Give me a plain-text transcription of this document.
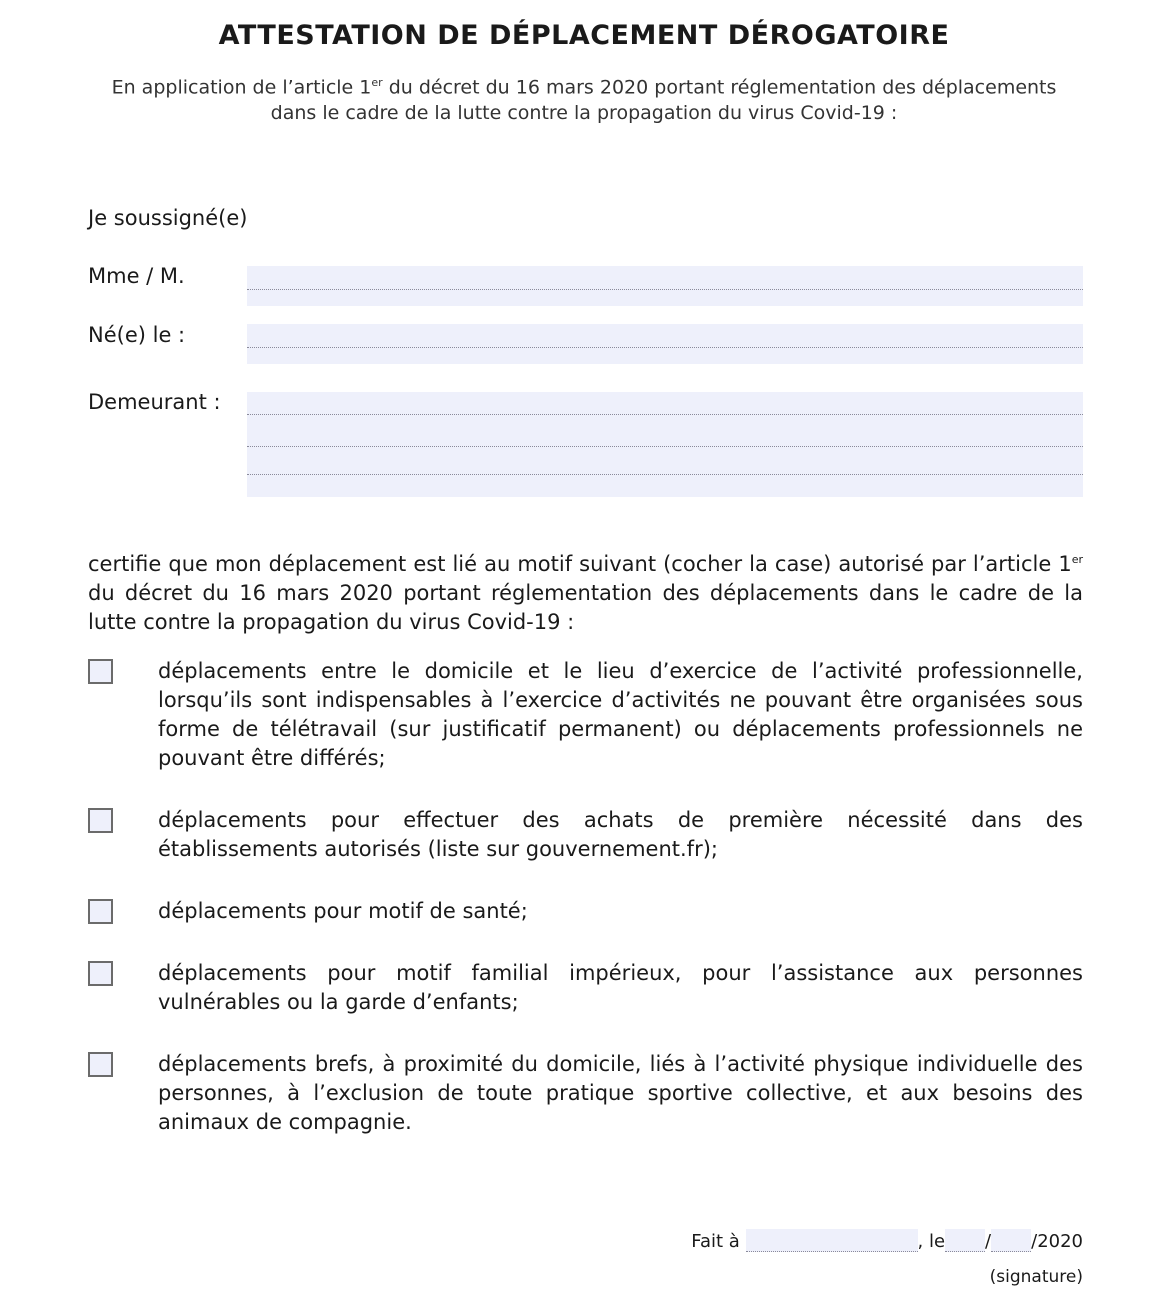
ATTESTATION DE DÉPLACEMENT DÉROGATOIRE
En application de l’article 1er du décret du 16 mars 2020 portant réglementation des déplacements dans le cadre de la lutte contre la propagation du virus Covid-19 :
Je soussigné(e)
Mme / M.
Né(e) le :
Demeurant :
certifie que mon déplacement est lié au motif suivant (cocher la case) autorisé par l’article 1er du décret du 16 mars 2020 portant réglementation des déplacements dans le cadre de la lutte contre la propagation du virus Covid-19 :
déplacements entre le domicile et le lieu d’exercice de l’activité professionnelle, lorsqu’ils sont indispensables à l’exercice d’activités ne pouvant être organisées sous forme de télétravail (sur justificatif permanent) ou déplacements professionnels ne pouvant être différés;
déplacements pour effectuer des achats de première nécessité dans des établissements autorisés (liste sur gouvernement.fr);
déplacements pour motif de santé;
déplacements pour motif familial impérieux, pour l’assistance aux personnes vulnérables ou la garde d’enfants;
déplacements brefs, à proximité du domicile, liés à l’activité physique individuelle des personnes, à l’exclusion de toute pratique sportive collective, et aux besoins des animaux de compagnie.
Fait à	, le / /2020
(signature)
